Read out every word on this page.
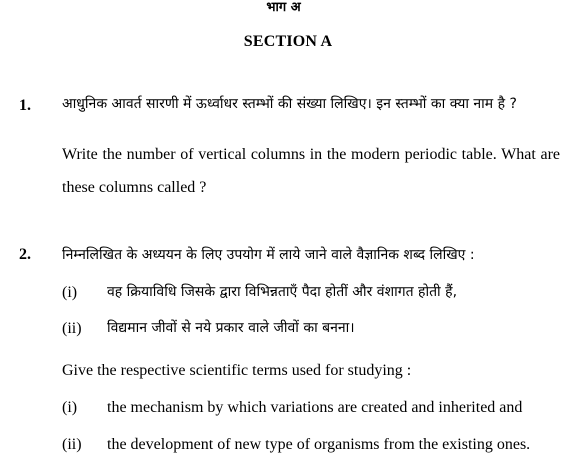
भाग अ
SECTION A
1. आधुनिक आवर्त सारणी में ऊर्ध्वाधर स्तम्भों की संख्या लिखिए। इन स्तम्भों का क्या नाम है ?
Write the number of vertical columns in the modern periodic table. What are these columns called ?
2. निम्नलिखित के अध्ययन के लिए उपयोग में लाये जाने वाले वैज्ञानिक शब्द लिखिए :
(i) वह क्रियाविधि जिसके द्वारा विभिन्नताएँ पैदा होतीं और वंशागत होती हैं,
(ii) विद्यमान जीवों से नये प्रकार वाले जीवों का बनना।
Give the respective scientific terms used for studying :
(i) the mechanism by which variations are created and inherited and
(ii) the development of new type of organisms from the existing ones.
